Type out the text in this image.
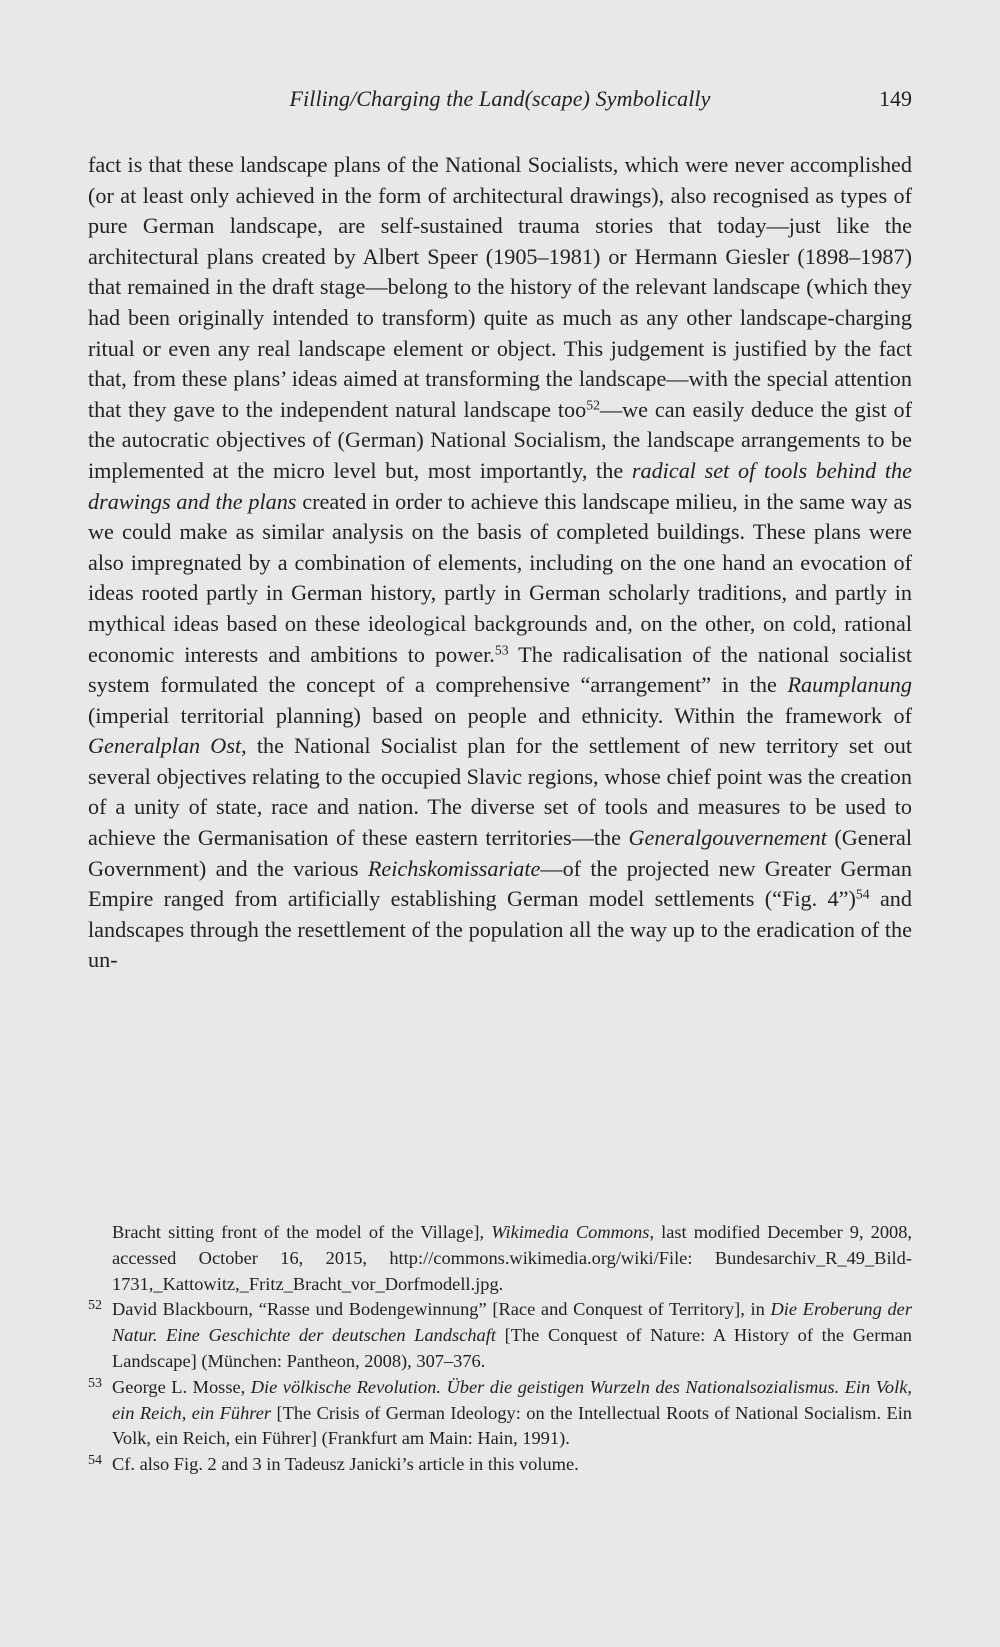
Filling/Charging the Land(scape) Symbolically	149

fact is that these landscape plans of the National Socialists, which were never accomplished (or at least only achieved in the form of architectural drawings), also recognised as types of pure German landscape, are self-sustained trauma stories that today—just like the architectural plans created by Albert Speer (1905–1981) or Hermann Giesler (1898–1987) that remained in the draft stage—belong to the history of the relevant landscape (which they had been originally intended to transform) quite as much as any other landscape-charging ritual or even any real landscape element or object. This judgement is justified by the fact that, from these plans’ ideas aimed at transforming the landscape—with the special attention that they gave to the independent natural landscape too$^{52}$—we can easily deduce the gist of the autocratic objectives of (German) National Socialism, the landscape arrangements to be implemented at the micro level but, most importantly, the radical set of tools behind the drawings and the plans created in order to achieve this landscape milieu, in the same way as we could make as similar analysis on the basis of completed buildings. These plans were also impregnated by a combination of elements, including on the one hand an evocation of ideas rooted partly in German history, partly in German scholarly traditions, and partly in mythical ideas based on these ideological backgrounds and, on the other, on cold, rational economic interests and ambitions to power.$^{53}$ The radicalisation of the national socialist system formulated the concept of a comprehensive “arrangement” in the Raumplanung (imperial territorial planning) based on people and ethnicity. Within the framework of Generalplan Ost, the National Socialist plan for the settlement of new territory set out several objectives relating to the occupied Slavic regions, whose chief point was the creation of a unity of state, race and nation. The diverse set of tools and measures to be used to achieve the Germanisation of these eastern territories—the Generalgouvernement (General Government) and the various Reichskomissariate—of the projected new Greater German Empire ranged from artificially establishing German model settlements (“Fig. 4”)$^{54}$ and landscapes through the resettlement of the population all the way up to the eradication of the un-

Bracht sitting front of the model of the Village], Wikimedia Commons, last modified December 9, 2008, accessed October 16, 2015, http://commons.wikimedia.org/wiki/File: Bundesarchiv_R_49_Bild-1731,_Kattowitz,_Fritz_Bracht_vor_Dorfmodell.jpg.

52 David Blackbourn, “Rasse und Bodengewinnung” [Race and Conquest of Territory], in Die Eroberung der Natur. Eine Geschichte der deutschen Landschaft [The Conquest of Nature: A History of the German Landscape] (München: Pantheon, 2008), 307–376.

53 George L. Mosse, Die völkische Revolution. Über die geistigen Wurzeln des Nationalsozialismus. Ein Volk, ein Reich, ein Führer [The Crisis of German Ideology: on the Intellectual Roots of National Socialism. Ein Volk, ein Reich, ein Führer] (Frankfurt am Main: Hain, 1991).

54 Cf. also Fig. 2 and 3 in Tadeusz Janicki’s article in this volume.
